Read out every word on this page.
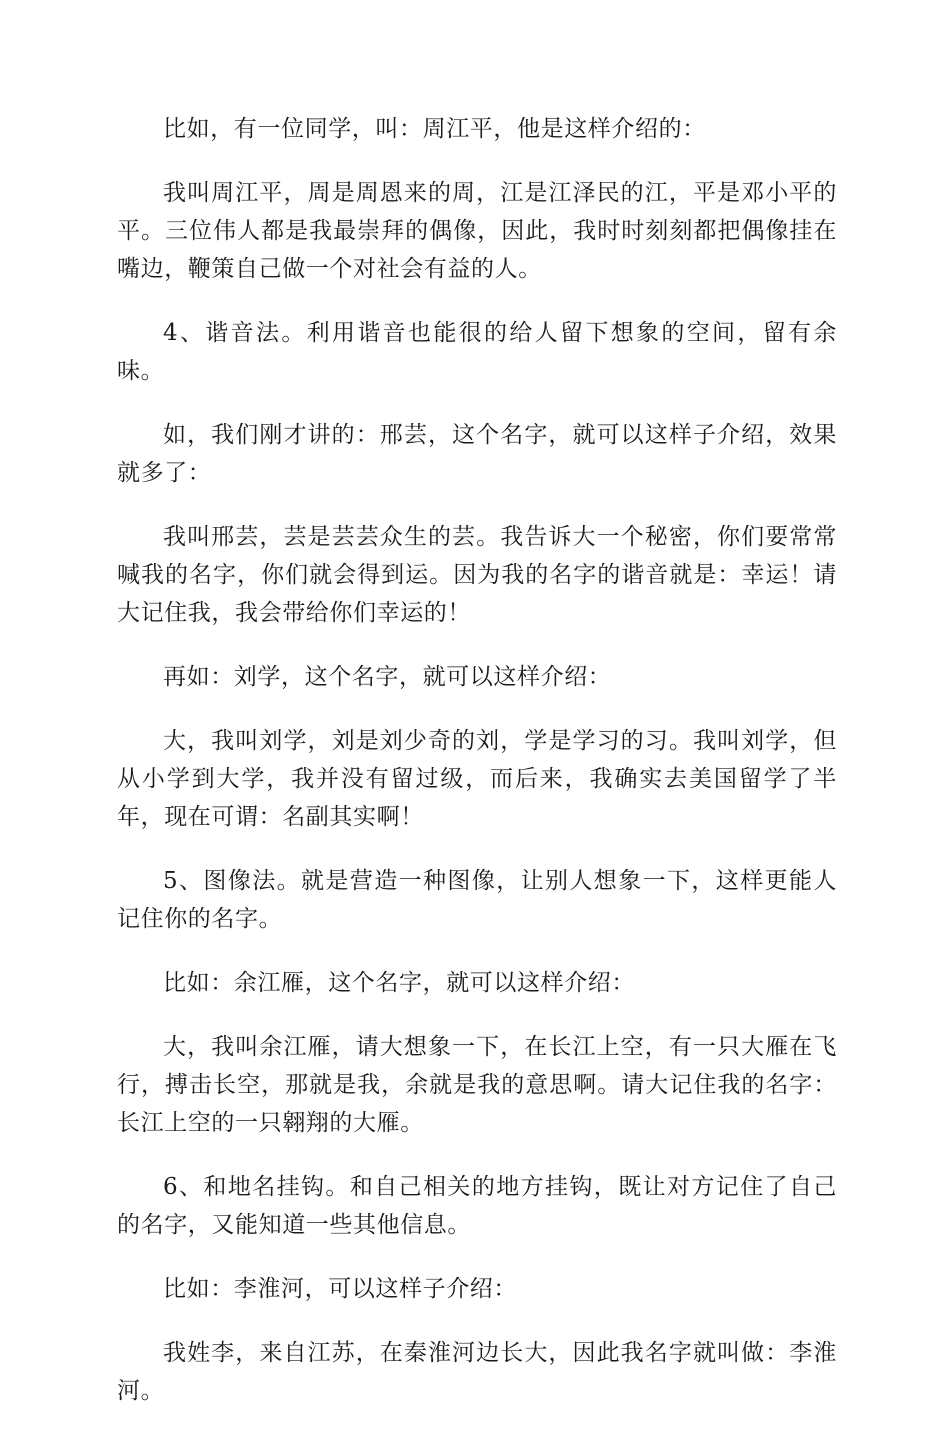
比如，有一位同学，叫：周江平，他是这样介绍的：

我叫周江平，周是周恩来的周，江是江泽民的江，平是邓小平的平。三位伟人都是我最崇拜的偶像，因此，我时时刻刻都把偶像挂在嘴边，鞭策自己做一个对社会有益的人。

4、谐音法。利用谐音也能很的给人留下想象的空间，留有余味。

如，我们刚才讲的：邢芸，这个名字，就可以这样子介绍，效果就多了：

我叫邢芸，芸是芸芸众生的芸。我告诉大一个秘密，你们要常常喊我的名字，你们就会得到运。因为我的名字的谐音就是：幸运！请大记住我，我会带给你们幸运的！

再如：刘学，这个名字，就可以这样介绍：

大，我叫刘学，刘是刘少奇的刘，学是学习的习。我叫刘学，但从小学到大学，我并没有留过级，而后来，我确实去美国留学了半年，现在可谓：名副其实啊！

5、图像法。就是营造一种图像，让别人想象一下，这样更能人记住你的名字。

比如：余江雁，这个名字，就可以这样介绍：

大，我叫余江雁，请大想象一下，在长江上空，有一只大雁在飞行，搏击长空，那就是我，余就是我的意思啊。请大记住我的名字：长江上空的一只翱翔的大雁。

6、和地名挂钩。和自己相关的地方挂钩，既让对方记住了自己的名字，又能知道一些其他信息。

比如：李淮河，可以这样子介绍：

我姓李，来自江苏，在秦淮河边长大，因此我名字就叫做：李淮河。
